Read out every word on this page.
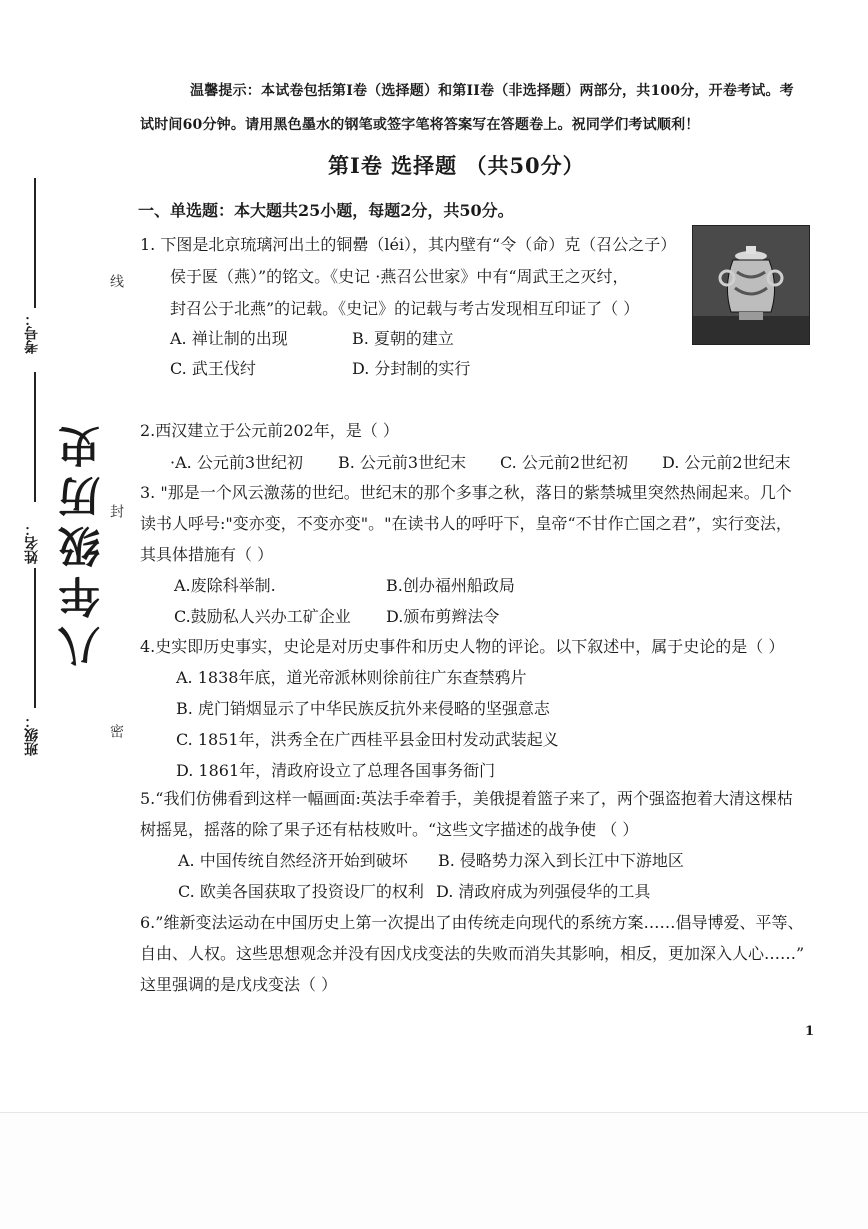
温馨提示：本试卷包括第I卷（选择题）和第II卷（非选择题）两部分，共100分，开卷考试。考
试时间60分钟。请用黑色墨水的钢笔或签字笔将答案写在答题卷上。祝同学们考试顺利！
第I卷 选择题 （共50分）
一、单选题：本大题共25小题，每题2分，共50分。
考号：
姓名：
班级：
八年级历史
线
封
密
1. 下图是北京琉璃河出土的铜罍（léi），其内壁有“令（命）克（召公之子）
侯于匽（燕）”的铭文。《史记 ·燕召公世家》中有“周武王之灭纣，
封召公于北燕”的记载。《史记》的记载与考古发现相互印证了（ ）
A. 禅让制的出现	B. 夏朝的建立
C. 武王伐纣	D. 分封制的实行
2.西汉建立于公元前202年，是（ ）
·A. 公元前3世纪初 B. 公元前3世纪末 C. 公元前2世纪初 D. 公元前2世纪末
3. "那是一个风云激荡的世纪。世纪末的那个多事之秋，落日的紫禁城里突然热闹起来。几个
读书人呼号:"变亦变，不变亦变"。"在读书人的呼吁下，皇帝“不甘作亡国之君”，实行变法，
其具体措施有（ ）
A.废除科举制.	B.创办福州船政局
C.鼓励私人兴办工矿企业 D.颁布剪辫法令
4.史实即历史事实，史论是对历史事件和历史人物的评论。以下叙述中，属于史论的是（ ）
A. 1838年底，道光帝派林则徐前往广东查禁鸦片
B. 虎门销烟显示了中华民族反抗外来侵略的坚强意志
C. 1851年，洪秀全在广西桂平县金田村发动武装起义
D. 1861年，清政府设立了总理各国事务衙门
5.“我们仿佛看到这样一幅画面:英法手牵着手，美俄提着篮子来了，两个强盗抱着大清这棵枯
树摇晃，摇落的除了果子还有枯枝败叶。“这些文字描述的战争使 （ ）
A. 中国传统自然经济开始到破坏 B. 侵略势力深入到长江中下游地区
C. 欧美各国获取了投资设厂的权利 D. 清政府成为列强侵华的工具
6.”维新变法运动在中国历史上第一次提出了由传统走向现代的系统方案……倡导博爱、平等、
自由、人权。这些思想观念并没有因戊戌变法的失败而消失其影响，相反，更加深入人心……”
这里强调的是戊戌变法（ ）
1
